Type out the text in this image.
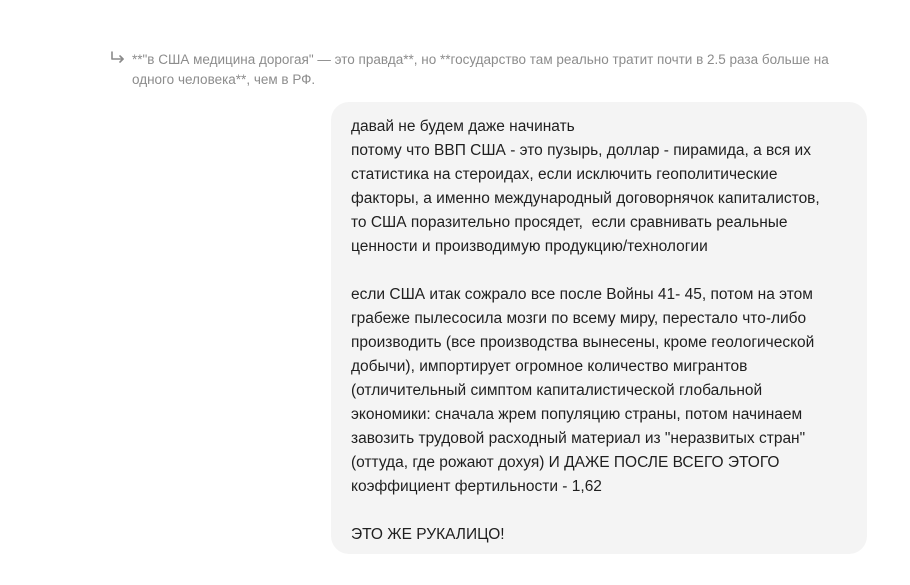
**"в США медицина дорогая" — это правда**, но **государство там реально тратит почти в 2.5 раза больше на
одного человека**, чем в РФ.
давай не будем даже начинать
потому что ВВП США - это пузырь, доллар - пирамида, а вся их
статистика на стероидах, если исключить геополитические
факторы, а именно международный договорнячок капиталистов,
то США поразительно просядет,  если сравнивать реальные
ценности и производимую продукцию/технологии
если США итак сожрало все после Войны 41- 45, потом на этом
грабеже пылесосила мозги по всему миру, перестало что-либо
производить (все производства вынесены, кроме геологической
добычи), импортирует огромное количество мигрантов
(отличительный симптом капиталистической глобальной
экономики: сначала жрем популяцию страны, потом начинаем
завозить трудовой расходный материал из "неразвитых стран"
(оттуда, где рожают дохуя) И ДАЖЕ ПОСЛЕ ВСЕГО ЭТОГО
коэффициент фертильности - 1,62
ЭТО ЖЕ РУКАЛИЦО!
